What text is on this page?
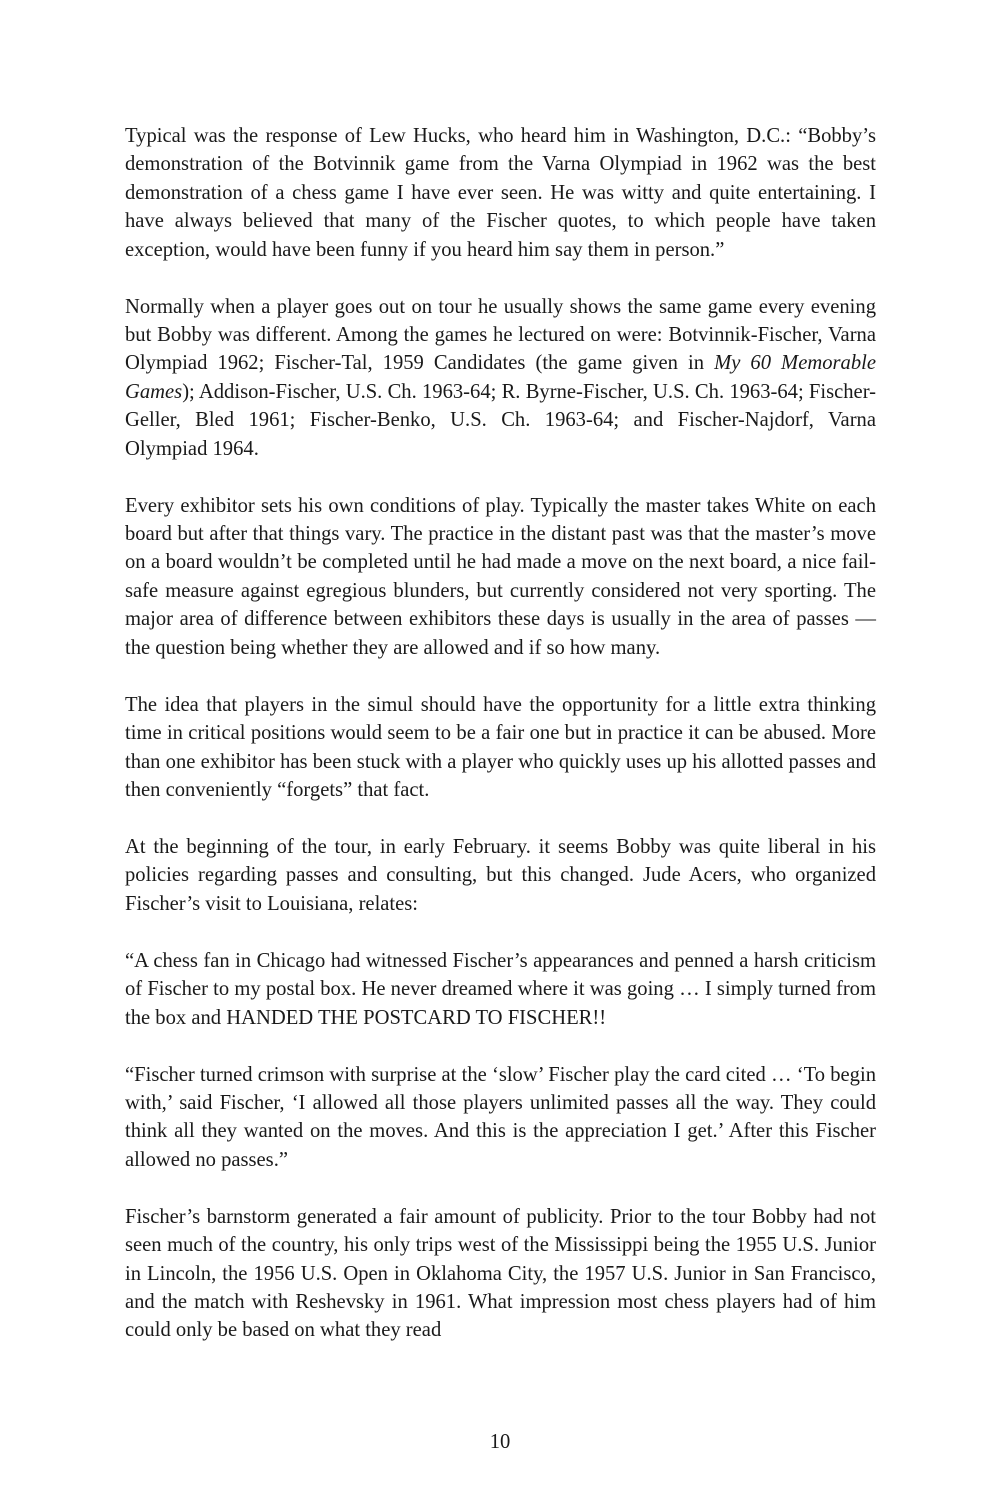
Typical was the response of Lew Hucks, who heard him in Washington, D.C.: “Bobby’s demonstration of the Botvinnik game from the Varna Olympiad in 1962 was the best demonstration of a chess game I have ever seen. He was witty and quite entertaining. I have always believed that many of the Fischer quotes, to which people have taken exception, would have been funny if you heard him say them in person.”

Normally when a player goes out on tour he usually shows the same game every evening but Bobby was different. Among the games he lectured on were: Botvinnik-Fischer, Varna Olympiad 1962; Fischer-Tal, 1959 Candidates (the game given in My 60 Memorable Games); Addison-Fischer, U.S. Ch. 1963-64; R. Byrne-Fischer, U.S. Ch. 1963-64; Fischer-Geller, Bled 1961; Fischer-Benko, U.S. Ch. 1963-64; and Fischer-Najdorf, Varna Olympiad 1964.

Every exhibitor sets his own conditions of play. Typically the master takes White on each board but after that things vary. The practice in the distant past was that the master’s move on a board wouldn’t be completed until he had made a move on the next board, a nice fail-safe measure against egregious blunders, but currently considered not very sporting. The major area of difference between exhibitors these days is usually in the area of passes — the question being whether they are allowed and if so how many.

The idea that players in the simul should have the opportunity for a little extra thinking time in critical positions would seem to be a fair one but in practice it can be abused. More than one exhibitor has been stuck with a player who quickly uses up his allotted passes and then conveniently “forgets” that fact.

At the beginning of the tour, in early February. it seems Bobby was quite liberal in his policies regarding passes and consulting, but this changed. Jude Acers, who organized Fischer’s visit to Louisiana, relates:

“A chess fan in Chicago had witnessed Fischer’s appearances and penned a harsh criticism of Fischer to my postal box. He never dreamed where it was going … I simply turned from the box and HANDED THE POSTCARD TO FISCHER!!

“Fischer turned crimson with surprise at the ‘slow’ Fischer play the card cited … ‘To begin with,’ said Fischer, ‘I allowed all those players unlimited passes all the way. They could think all they wanted on the moves. And this is the appreciation I get.’ After this Fischer allowed no passes.”

Fischer’s barnstorm generated a fair amount of publicity. Prior to the tour Bobby had not seen much of the country, his only trips west of the Mississippi being the 1955 U.S. Junior in Lincoln, the 1956 U.S. Open in Oklahoma City, the 1957 U.S. Junior in San Francisco, and the match with Reshevsky in 1961. What impression most chess players had of him could only be based on what they read

10
